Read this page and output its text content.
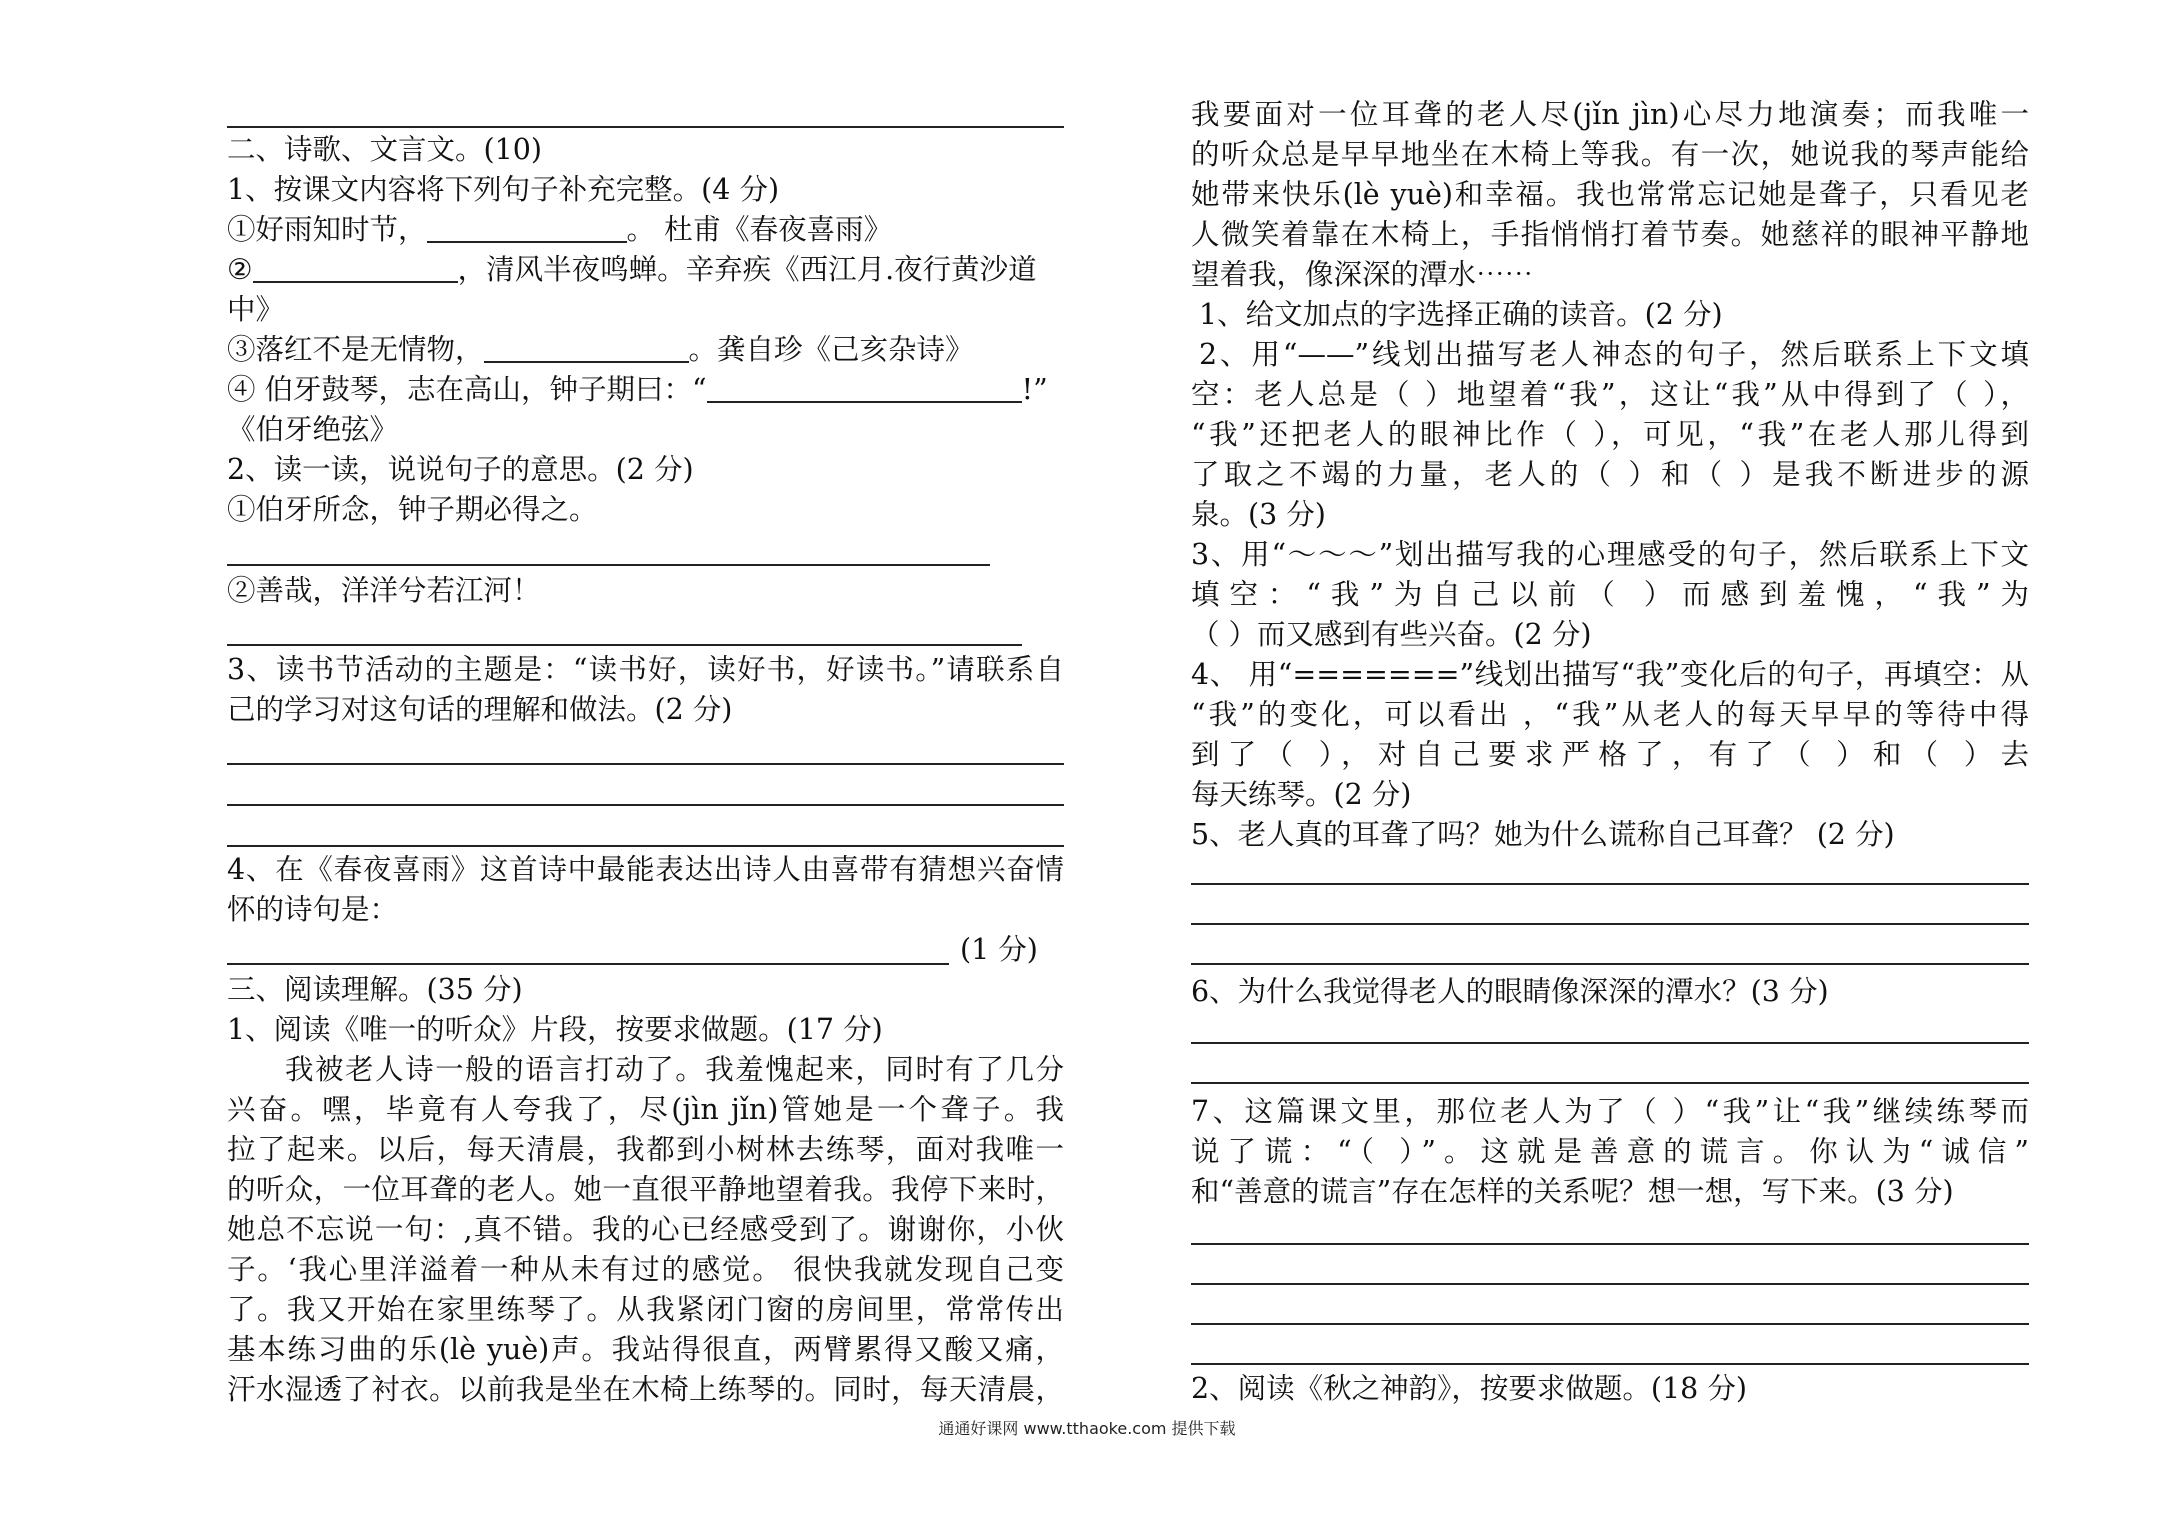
二、诗歌、文言文。(10)
1、按课文内容将下列句子补充完整。(4 分)
①好雨知时节，	。 杜甫《春夜喜雨》
②	，清风半夜鸣蝉。辛弃疾《西江月.夜行黄沙道
中》
③落红不是无情物，	。龚自珍《己亥杂诗》
④ 伯牙鼓琴，志在高山，钟子期曰：“	!”
《伯牙绝弦》
2、读一读，说说句子的意思。(2 分)
①伯牙所念，钟子期必得之。
②善哉，洋洋兮若江河！
3、读书节活动的主题是：“读书好，读好书，好读书。”请联系自
己的学习对这句话的理解和做法。(2 分)
4、在《春夜喜雨》这首诗中最能表达出诗人由喜带有猜想兴奋情
怀的诗句是：
(1 分)
三、阅读理解。(35 分)
1、阅读《唯一的听众》片段，按要求做题。(17 分)
我被老人诗一般的语言打动了。我羞愧起来，同时有了几分
兴奋。嘿，毕竟有人夸我了，尽(jìn jǐn)管她是一个聋子。我
拉了起来。以后，每天清晨，我都到小树林去练琴，面对我唯一
的听众，一位耳聋的老人。她一直很平静地望着我。我停下来时，
她总不忘说一句：,真不错。我的心已经感受到了。谢谢你，小伙
子。‘我心里洋溢着一种从未有过的感觉。 很快我就发现自己变
了。我又开始在家里练琴了。从我紧闭门窗的房间里，常常传出
基本练习曲的乐(lè yuè)声。我站得很直，两臂累得又酸又痛，
汗水湿透了衬衣。以前我是坐在木椅上练琴的。同时，每天清晨，
我要面对一位耳聋的老人尽(jǐn jìn)心尽力地演奏；而我唯一
的听众总是早早地坐在木椅上等我。有一次，她说我的琴声能给
她带来快乐(lè yuè)和幸福。我也常常忘记她是聋子，只看见老
人微笑着靠在木椅上，手指悄悄打着节奏。她慈祥的眼神平静地
望着我，像深深的潭水⋯⋯
1、给文加点的字选择正确的读音。(2 分)
2、用“——”线划出描写老人神态的句子，然后联系上下文填
空：老人总是（ ）地望着“我”，这让“我”从中得到了（ ），
“我”还把老人的眼神比作（ ），可见，“我”在老人那儿得到
了取之不竭的力量，老人的（ ）和（ ）是我不断进步的源
泉。(3 分)
3、用“～～～”划出描写我的心理感受的句子，然后联系上下文
填空：“我”为自己以前（ ）而感到羞愧，“我”为
（ ）而又感到有些兴奋。(2 分)
4、 用“=======”线划出描写“我”变化后的句子，再填空：从
“我”的变化，可以看出 ，“我”从老人的每天早早的等待中得
到了（ ），对自己要求严格了，有了（ ）和（ ）去
每天练琴。(2 分)
5、老人真的耳聋了吗？她为什么谎称自己耳聋？ (2 分)
6、为什么我觉得老人的眼睛像深深的潭水？(3 分)
7、这篇课文里，那位老人为了（ ）“我”让“我”继续练琴而
说了谎：“（ ）”。这就是善意的谎言。你认为“诚信”
和“善意的谎言”存在怎样的关系呢？想一想，写下来。(3 分)
2、阅读《秋之神韵》，按要求做题。(18 分)
通通好课网 www.tthaoke.com 提供下载
